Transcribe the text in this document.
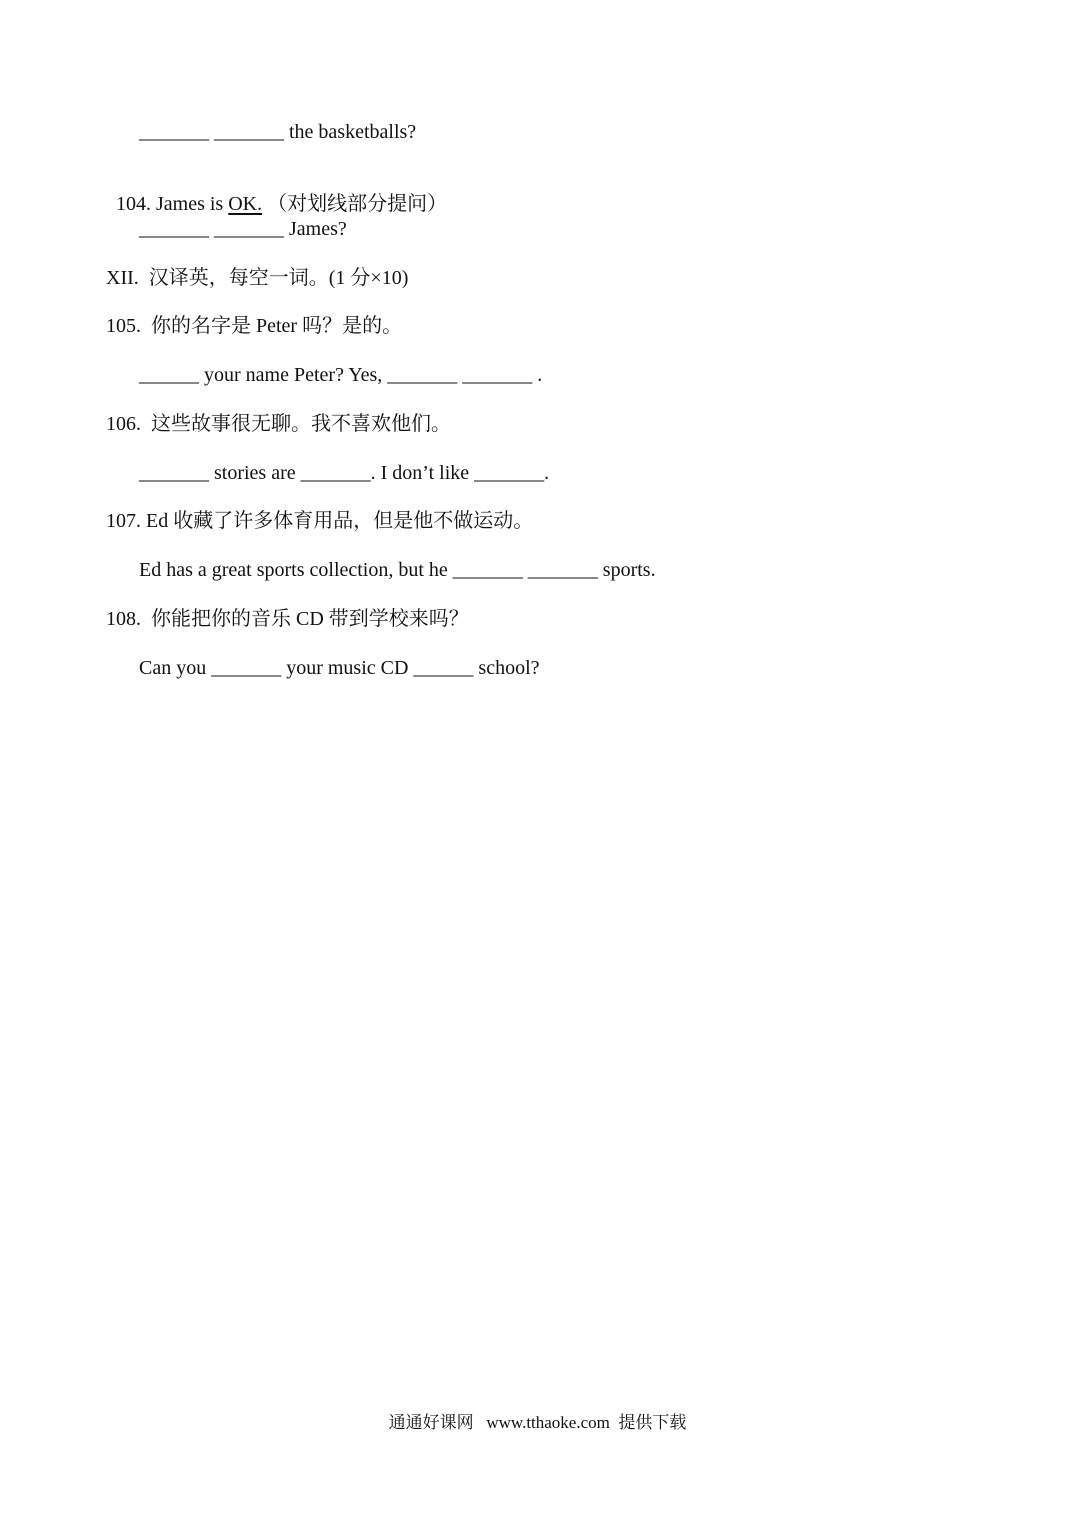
_______ _______ the basketballs?

104. James is OK. （对划线部分提问）

_______ _______ James?
XII.  汉译英，每空一词。(1 分×10)
105.  你的名字是 Peter 吗？是的。
______ your name Peter? Yes, _______ _______ .
106.  这些故事很无聊。我不喜欢他们。
_______ stories are _______. I don’t like _______.
107. Ed 收藏了许多体育用品，但是他不做运动。
Ed has a great sports collection, but he _______ _______ sports.
108.  你能把你的音乐 CD 带到学校来吗？
Can you _______ your music CD ______ school?
通通好课网   www.tthaoke.com  提供下载
